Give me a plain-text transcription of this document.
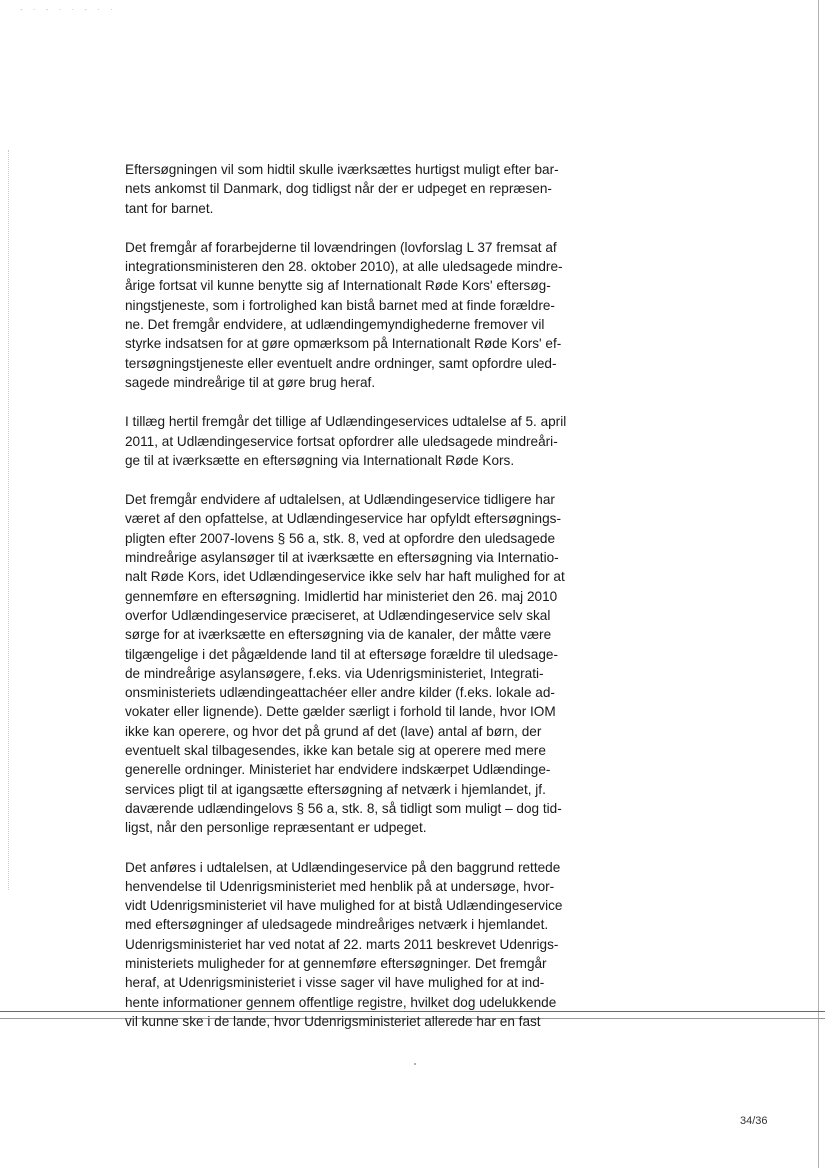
- · - · · - · ·

Eftersøgningen vil som hidtil skulle iværksættes hurtigst muligt efter bar-
nets ankomst til Danmark, dog tidligst når der er udpeget en repræsen-
tant for barnet.

Det fremgår af forarbejderne til lovændringen (lovforslag L 37 fremsat af
integrationsministeren den 28. oktober 2010), at alle uledsagede mindre-
årige fortsat vil kunne benytte sig af Internationalt Røde Kors' eftersøg-
ningstjeneste, som i fortrolighed kan bistå barnet med at finde forældre-
ne. Det fremgår endvidere, at udlændingemyndighederne fremover vil
styrke indsatsen for at gøre opmærksom på Internationalt Røde Kors' ef-
tersøgningstjeneste eller eventuelt andre ordninger, samt opfordre uled-
sagede mindreårige til at gøre brug heraf.

I tillæg hertil fremgår det tillige af Udlændingeservices udtalelse af 5. april
2011, at Udlændingeservice fortsat opfordrer alle uledsagede mindreåri-
ge til at iværksætte en eftersøgning via Internationalt Røde Kors.

Det fremgår endvidere af udtalelsen, at Udlændingeservice tidligere har
været af den opfattelse, at Udlændingeservice har opfyldt eftersøgnings-
pligten efter 2007-lovens § 56 a, stk. 8, ved at opfordre den uledsagede
mindreårige asylansøger til at iværksætte en eftersøgning via Internatio-
nalt Røde Kors, idet Udlændingeservice ikke selv har haft mulighed for at
gennemføre en eftersøgning. Imidlertid har ministeriet den 26. maj 2010
overfor Udlændingeservice præciseret, at Udlændingeservice selv skal
sørge for at iværksætte en eftersøgning via de kanaler, der måtte være
tilgængelige i det pågældende land til at eftersøge forældre til uledsage-
de mindreårige asylansøgere, f.eks. via Udenrigsministeriet, Integrati-
onsministeriets udlændingeattachéer eller andre kilder (f.eks. lokale ad-
vokater eller lignende). Dette gælder særligt i forhold til lande, hvor IOM
ikke kan operere, og hvor det på grund af det (lave) antal af børn, der
eventuelt skal tilbagesendes, ikke kan betale sig at operere med mere
generelle ordninger. Ministeriet har endvidere indskærpet Udlændinge-
services pligt til at igangsætte eftersøgning af netværk i hjemlandet, jf.
daværende udlændingelovs § 56 a, stk. 8, så tidligt som muligt – dog tid-
ligst, når den personlige repræsentant er udpeget.

Det anføres i udtalelsen, at Udlændingeservice på den baggrund rettede
henvendelse til Udenrigsministeriet med henblik på at undersøge, hvor-
vidt Udenrigsministeriet vil have mulighed for at bistå Udlændingeservice
med eftersøgninger af uledsagede mindreåriges netværk i hjemlandet.
Udenrigsministeriet har ved notat af 22. marts 2011 beskrevet Udenrigs-
ministeriets muligheder for at gennemføre eftersøgninger. Det fremgår
heraf, at Udenrigsministeriet i visse sager vil have mulighed for at ind-
hente informationer gennem offentlige registre, hvilket dog udelukkende
vil kunne ske i de lande, hvor Udenrigsministeriet allerede har en fast

34/36
